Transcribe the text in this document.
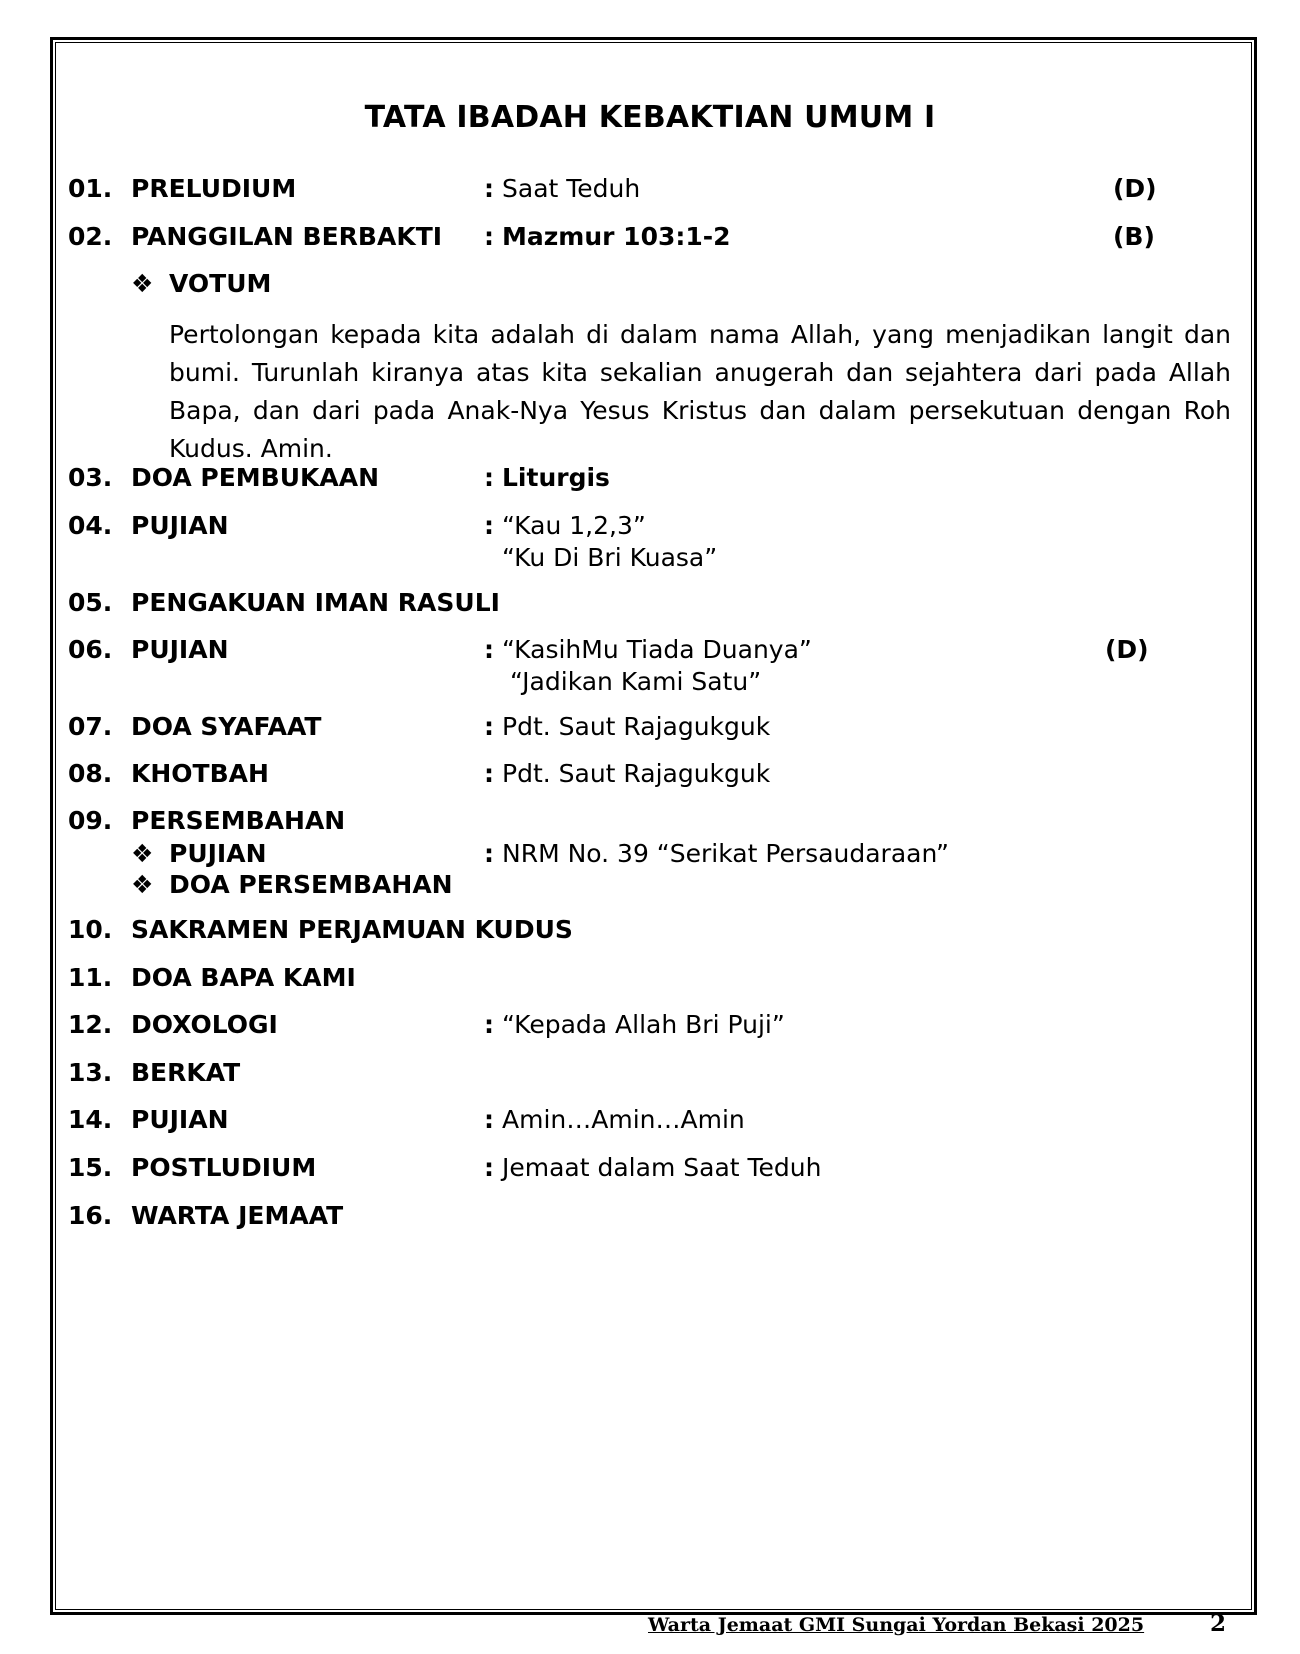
TATA IBADAH KEBAKTIAN UMUM I
01. PRELUDIUM	: Saat Teduh	(D)
02. PANGGILAN BERBAKTI : Mazmur 103:1-2	(B)
❖ VOTUM
Pertolongan kepada kita adalah di dalam nama Allah, yang menjadikan langit dan bumi. Turunlah kiranya atas kita sekalian anugerah dan sejahtera dari pada Allah Bapa, dan dari pada Anak-Nya Yesus Kristus dan dalam persekutuan dengan Roh Kudus. Amin.
03. DOA PEMBUKAAN	: Liturgis
04. PUJIAN	: “Kau 1,2,3”
“Ku Di Bri Kuasa”
05. PENGAKUAN IMAN RASULI
06. PUJIAN	: “KasihMu Tiada Duanya”	(D)
“Jadikan Kami Satu”
07. DOA SYAFAAT	: Pdt. Saut Rajagukguk
08. KHOTBAH	: Pdt. Saut Rajagukguk
09. PERSEMBAHAN
❖ PUJIAN	: NRM No. 39 “Serikat Persaudaraan”
❖ DOA PERSEMBAHAN
10. SAKRAMEN PERJAMUAN KUDUS
11. DOA BAPA KAMI
12. DOXOLOGI	: “Kepada Allah Bri Puji”
13. BERKAT
14. PUJIAN	: Amin…Amin…Amin
15. POSTLUDIUM	: Jemaat dalam Saat Teduh
16. WARTA JEMAAT
Warta Jemaat GMI Sungai Yordan Bekasi 2025	2
